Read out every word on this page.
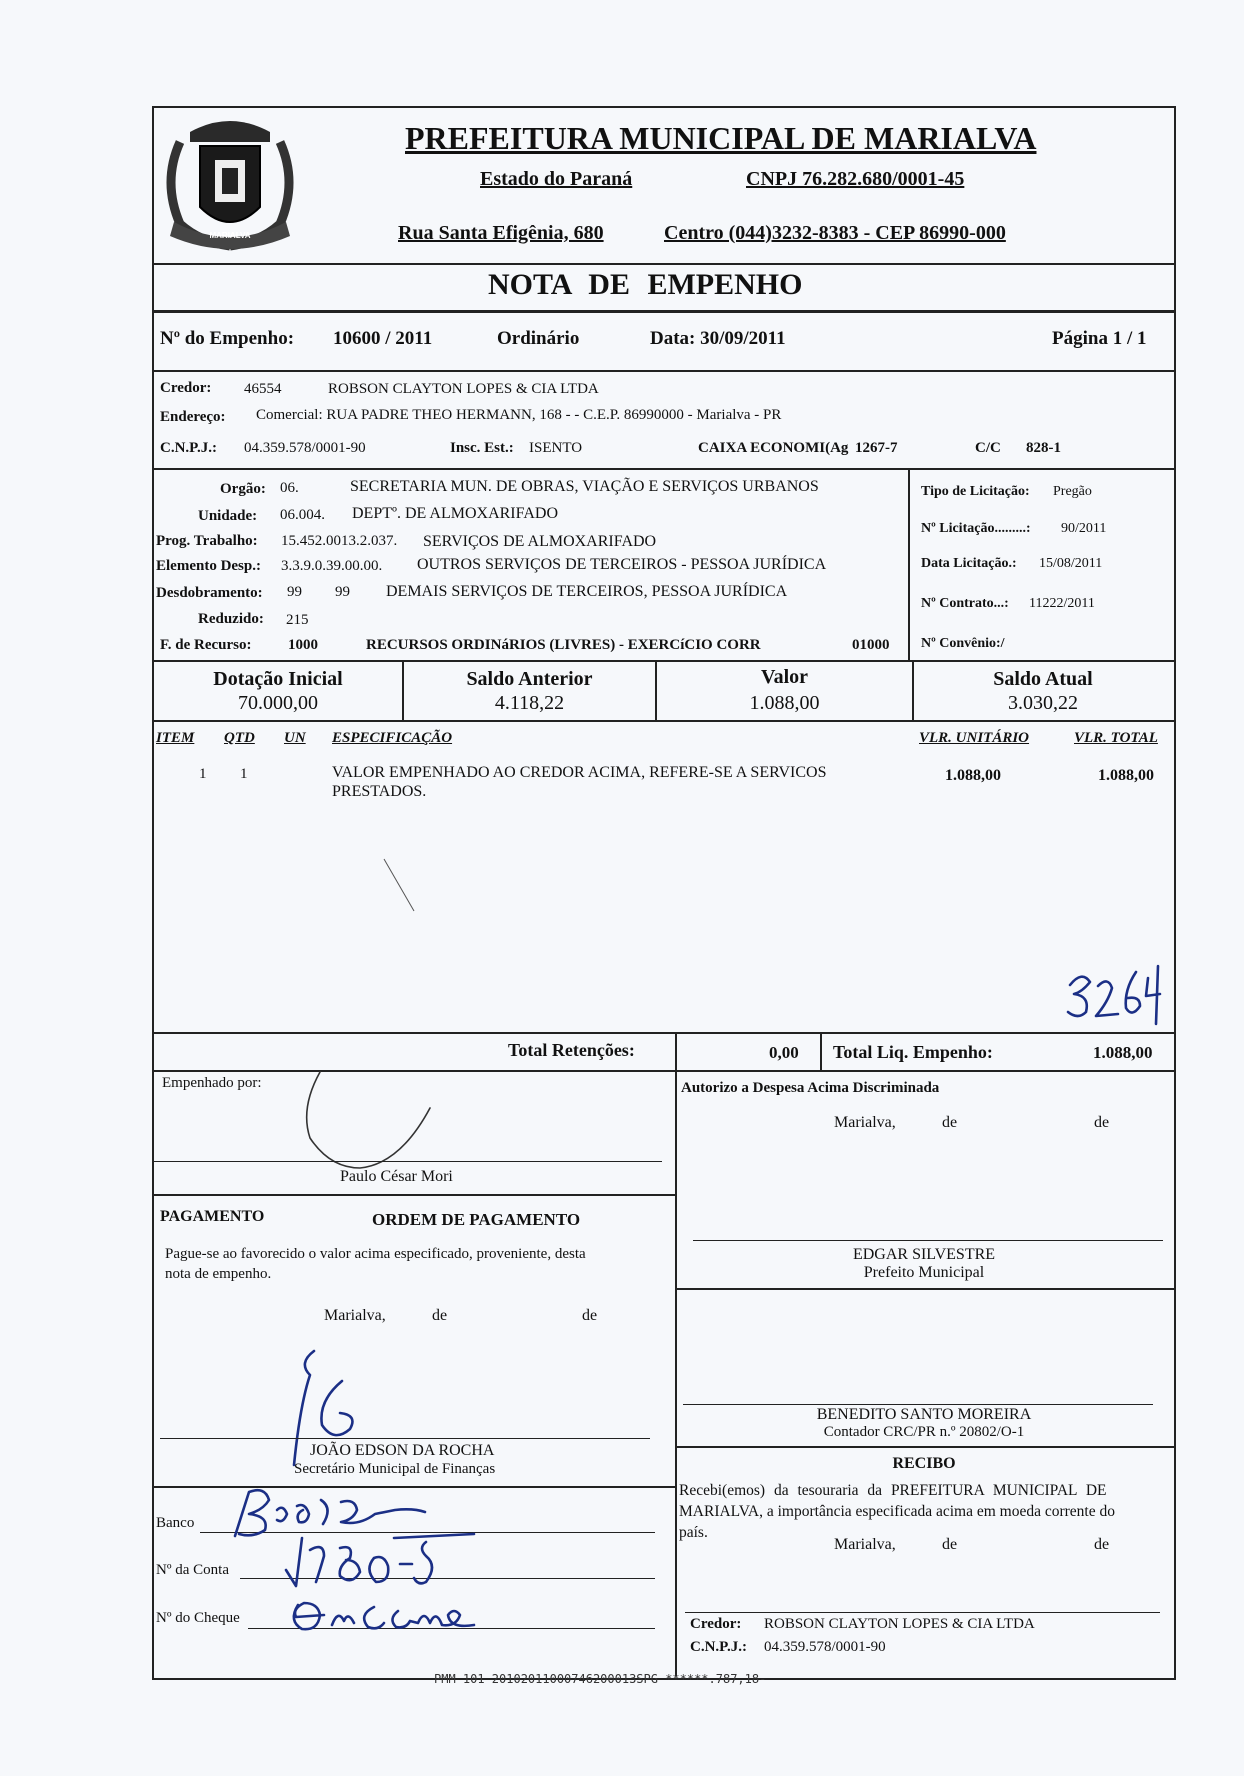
MARIALVA
PREFEITURA MUNICIPAL DE MARIALVA
Estado do Paraná	CNPJ 76.282.680/0001-45
Rua Santa Efigênia, 680	Centro (044)3232-8383 - CEP 86990-000
NOTA DE EMPENHO
Nº do Empenho: 10600 / 2011	Ordinário	Data: 30/09/2011	Página 1 / 1
Credor: 46554	ROBSON CLAYTON LOPES & CIA LTDA
Endereço: Comercial: RUA PADRE THEO HERMANN, 168 - - C.E.P. 86990000 - Marialva - PR
C.N.P.J.: 04.359.578/0001-90	Insc. Est.: ISENTO	CAIXA ECONOMI(Ag 1267-7	C/C 828-1
Orgão: 06.	SECRETARIA MUN. DE OBRAS, VIAÇÃO E SERVIÇOS URBANOS
Unidade: 06.004. DEPTº. DE ALMOXARIFADO
Prog. Trabalho: 15.452.0013.2.037. SERVIÇOS DE ALMOXARIFADO
Elemento Desp.: 3.3.9.0.39.00.00. OUTROS SERVIÇOS DE TERCEIROS - PESSOA JURÍDICA
Desdobramento: 99 99 DEMAIS SERVIÇOS DE TERCEIROS, PESSOA JURÍDICA
Reduzido: 215
F. de Recurso: 1000	RECURSOS ORDINáRIOS (LIVRES) - EXERCíCIO CORR	01000
Tipo de Licitação: Pregão
Nº Licitação.........: 90/2011
Data Licitação.: 15/08/2011
Nº Contrato...: 11222/2011
Nº Convênio:/
Dotação Inicial
70.000,00
Saldo Anterior
4.118,22
Valor
1.088,00
Saldo Atual
3.030,22
ITEM QTD UN ESPECIFICAÇÃO	VLR. UNITÁRIO	VLR. TOTAL
1 1	VALOR EMPENHADO AO CREDOR ACIMA, REFERE-SE A SERVICOS
PRESTADOS.
1.088,00	1.088,00
Total Retenções:	0,00 Total Liq. Empenho:	1.088,00
Empenhado por:
Paulo César Mori
Autorizo a Despesa Acima Discriminada
Marialva,	de	de
PAGAMENTO	ORDEM DE PAGAMENTO
Pague-se ao favorecido o valor acima especificado, proveniente, desta
nota de empenho.
Marialva,	de	de
JOÃO EDSON DA ROCHA
Secretário Municipal de Finanças
Banco
Nº da Conta
Nº do Cheque
EDGAR SILVESTRE
Prefeito Municipal
BENEDITO SANTO MOREIRA
Contador CRC/PR n.º 20802/O-1
RECIBO
Recebi(emos) da tesouraria da PREFEITURA MUNICIPAL DE
MARIALVA, a importância especificada acima em moeda corrente do
país.
Marialva,	de	de
Credor: ROBSON CLAYTON LOPES & CIA LTDA
C.N.P.J.: 04.359.578/0001-90
PMM 101 20102011000746200013SPG ******.787,18-
